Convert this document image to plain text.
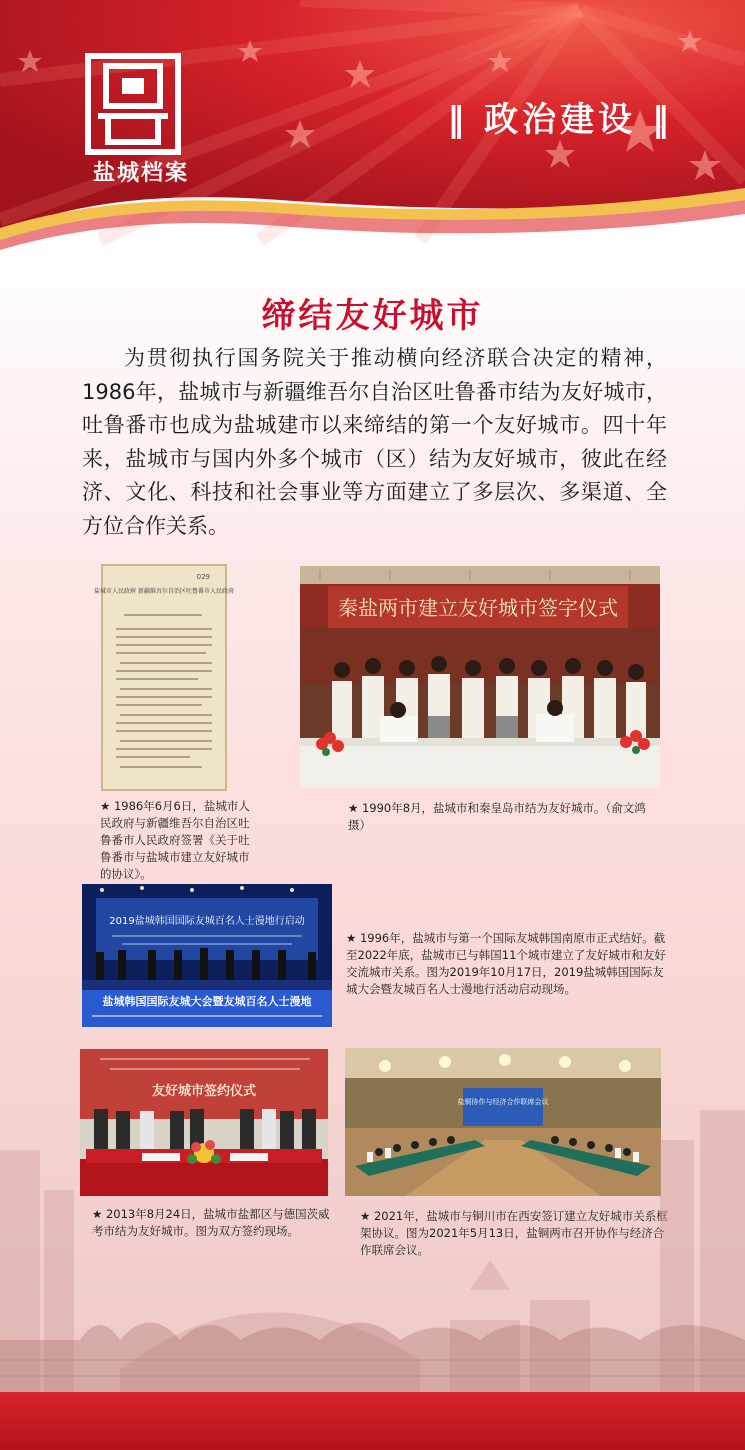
盐城档案
‖ 政治建设 ‖
缔结友好城市

为贯彻执行国务院关于推动横向经济联合决定的精神，1986年，盐城市与新疆维吾尔自治区吐鲁番市结为友好城市，吐鲁番市也成为盐城建市以来缔结的第一个友好城市。四十年来，盐城市与国内外多个城市（区）结为友好城市，彼此在经济、文化、科技和社会事业等方面建立了多层次、多渠道、全方位合作关系。

029
盐城市人民政府 新疆维吾尔自治区吐鲁番市人民政府

★ 1986年6月6日，盐城市人民政府与新疆维吾尔自治区吐鲁番市人民政府签署《关于吐鲁番市与盐城市建立友好城市的协议》。

秦盐两市建立友好城市签字仪式

★ 1990年8月，盐城市和秦皇岛市结为友好城市。（俞文鸿 摄）

2019盐城韩国国际友城百名人士漫地行启动
盐城韩国国际友城大会暨友城百名人士漫地

★ 1996年，盐城市与第一个国际友城韩国南原市正式结好。截至2022年底，盐城市已与韩国11个城市建立了友好城市和友好交流城市关系。图为2019年10月17日，2019盐城韩国国际友城大会暨友城百名人士漫地行活动启动现场。

友好城市签约仪式

★ 2013年8月24日，盐城市盐都区与德国茨威考市结为友好城市。图为双方签约现场。

盐铜协作与经济合作联席会议

★ 2021年，盐城市与铜川市在西安签订建立友好城市关系框架协议。图为2021年5月13日，盐铜两市召开协作与经济合作联席会议。
